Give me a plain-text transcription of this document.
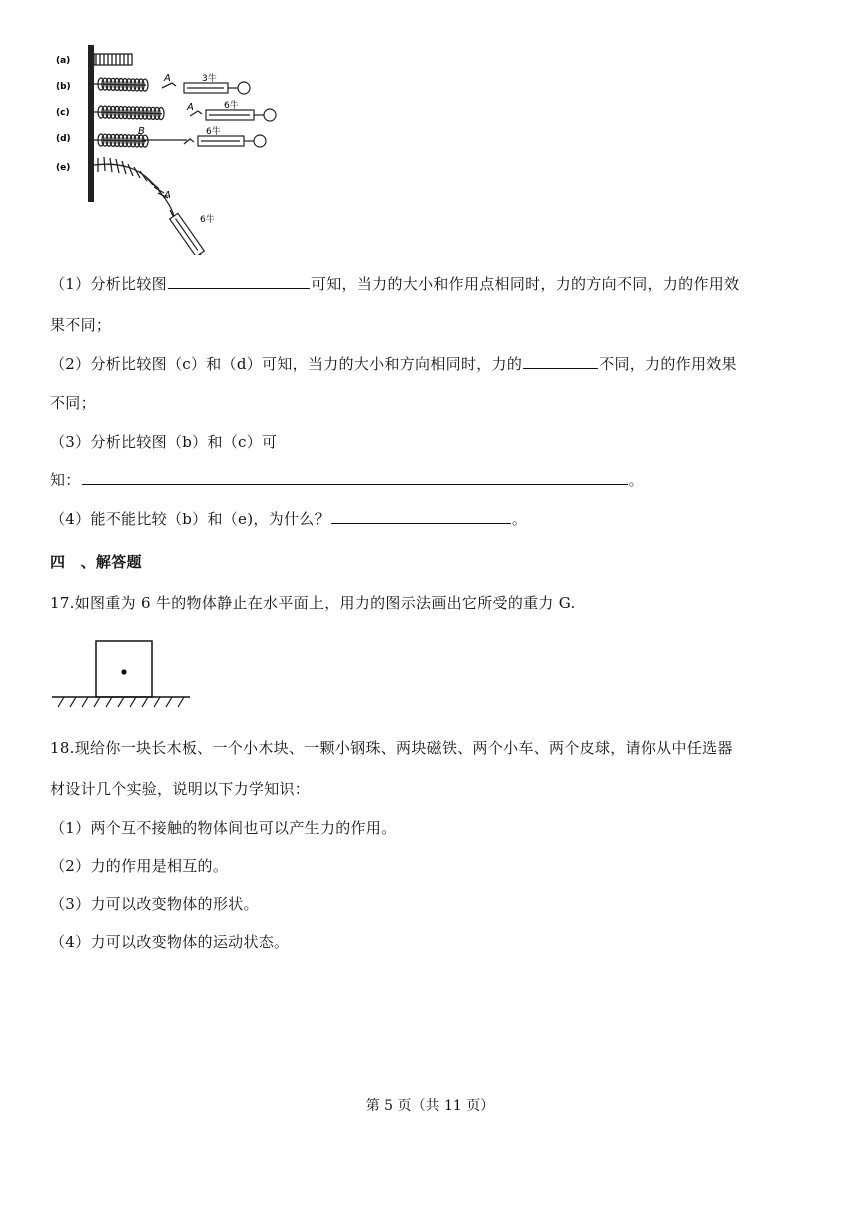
(a)
(b)
(c)
(d)
(e)
A	3牛
A	6牛
B	6牛
A
6牛
（1）分析比较图	可知，当力的大小和作用点相同时，力的方向不同，力的作用效
果不同；
（2）分析比较图（c）和（d）可知，当力的大小和方向相同时，力的	不同，力的作用效果
不同；
（3）分析比较图（b）和（c）可
知：	。
（4）能不能比较（b）和（e)，为什么？	。
四　、解答题
17.如图重为 6 牛的物体静止在水平面上，用力的图示法画出它所受的重力 G.
18.现给你一块长木板、一个小木块、一颗小钢珠、两块磁铁、两个小车、两个皮球，请你从中任选器
材设计几个实验，说明以下力学知识：
（1）两个互不接触的物体间也可以产生力的作用。
（2）力的作用是相互的。
（3）力可以改变物体的形状。
（4）力可以改变物体的运动状态。
第 5 页（共 11 页）
